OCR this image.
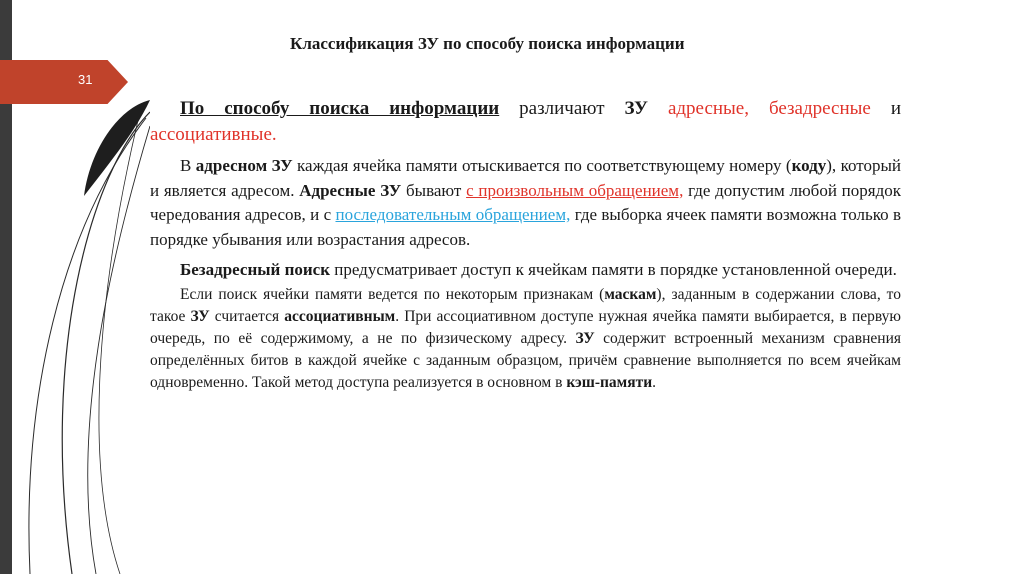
31
Классификация ЗУ по способу поиска информации

По способу поиска информации различают ЗУ адресные, безадресные и ассоциативные.

В адресном ЗУ каждая ячейка памяти отыскивается по соответствующему номеру (коду), который и является адресом. Адресные ЗУ бывают с произвольным обращением, где допустим любой порядок чередования адресов, и с последовательным обращением, где выборка ячеек памяти возможна только в порядке убывания или возрастания адресов.

Безадресный поиск предусматривает доступ к ячейкам памяти в порядке установленной очереди.

Если поиск ячейки памяти ведется по некоторым признакам (маскам), заданным в содержании слова, то такое ЗУ считается ассоциативным. При ассоциативном доступе нужная ячейка памяти выбирается, в первую очередь, по её содержимому, а не по физическому адресу. ЗУ содержит встроенный механизм сравнения определённых битов в каждой ячейке с заданным образцом, причём сравнение выполняется по всем ячейкам одновременно. Такой метод доступа реализуется в основном в кэш-памяти.
